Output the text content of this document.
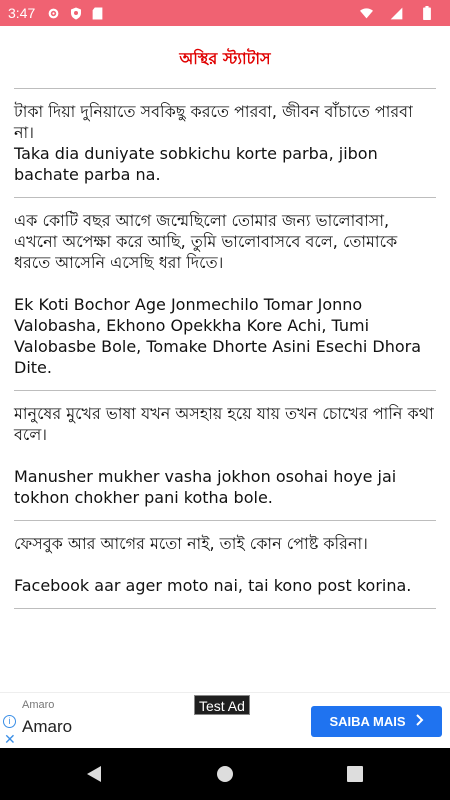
3:47
অস্থির স্ট্যাটাস

টাকা দিয়া দুনিয়াতে সবকিছু করতে পারবা, জীবন বাঁচাতে পারবা না।

Taka dia duniyate sobkichu korte parba, jibon bachate parba na.

এক কোটি বছর আগে জন্মেছিলো তোমার জন্য ভালোবাসা, এখনো অপেক্ষা করে আছি, তুমি ভালোবাসবে বলে, তোমাকে ধরতে আসেনি এসেছি ধরা দিতে।

Ek Koti Bochor Age Jonmechilo Tomar Jonno Valobasha, Ekhono Opekkha Kore Achi, Tumi Valobasbe Bole, Tomake Dhorte Asini Esechi Dhora Dite.

মানুষের মুখের ভাষা যখন অসহায় হয়ে যায় তখন চোখের পানি কথা বলে।

Manusher mukher vasha jokhon osohai hoye jai tokhon chokher pani kotha bole.

ফেসবুক আর আগের মতো নাই, তাই কোন পোষ্ট করিনা।

Facebook aar ager moto nai, tai kono post korina.

Test Ad
i
✕
Amaro
Amaro	SAIBA MAIS
